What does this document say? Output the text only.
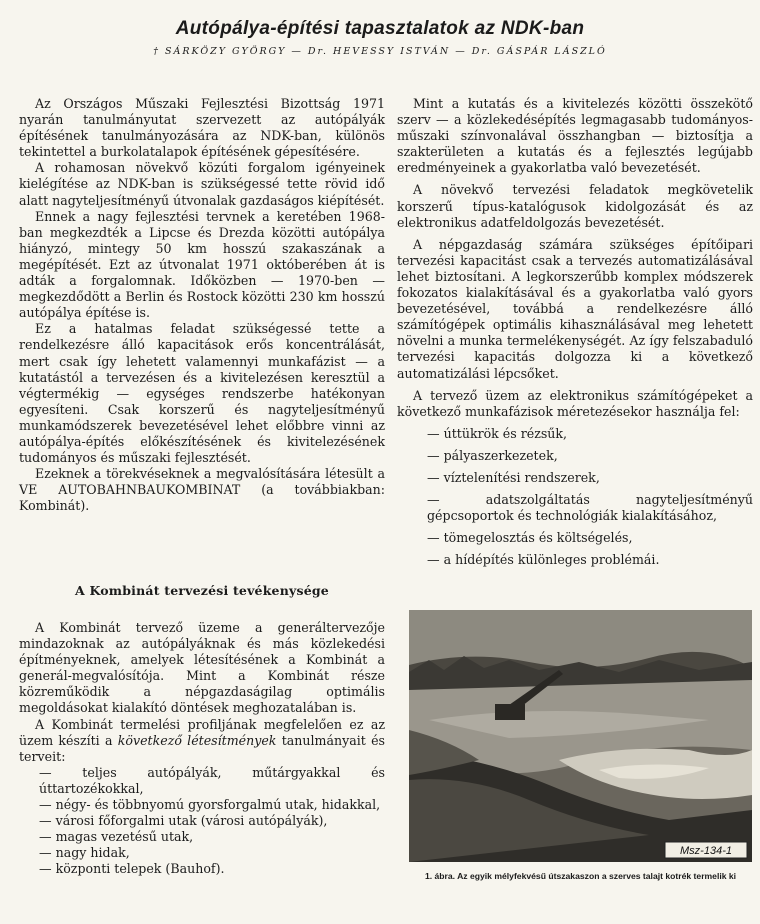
Autópálya-építési tapasztalatok az NDK-ban
† SÁRKÖZY GYÖRGY — Dr. HEVESSY ISTVÁN — Dr. GÁSPÁR LÁSZLÓ

Az Országos Műszaki Fejlesztési Bizottság 1971 nyarán tanulmányutat szervezett az autópályák építésének tanulmányozására az NDK-ban, különös tekintettel a burkolatalapok építésének gépesítésére.

A rohamosan növekvő közúti forgalom igényeinek kielégítése az NDK-ban is szükségessé tette rövid idő alatt nagyteljesítményű útvonalak gazdaságos kiépítését.

Ennek a nagy fejlesztési tervnek a keretében 1968-ban megkezdték a Lipcse és Drezda közötti autópálya hiányzó, mintegy 50 km hosszú szakaszának a megépítését. Ezt az útvonalat 1971 októberében át is adták a forgalomnak. Időközben — 1970-ben — megkezdődött a Berlin és Rostock közötti 230 km hosszú autópálya építése is.

Ez a hatalmas feladat szükségessé tette a rendelkezésre álló kapacitások erős koncentrálását, mert csak így lehetett valamennyi munkafázist — a kutatástól a tervezésen és a kivitelezésen keresztül a végtermékig — egységes rendszerbe hatékonyan egyesíteni. Csak korszerű és nagyteljesítményű munkamódszerek bevezetésével lehet előbbre vinni az autópálya-építés előkészítésének és kivitelezésének tudományos és műszaki fejlesztését.

Ezeknek a törekvéseknek a megvalósítására létesült a VE AUTOBAHNBAUKOMBINAT (a továbbiakban: Kombinát).

A Kombinát tervezési tevékenysége

A Kombinát tervező üzeme a generáltervezője mindazoknak az autópályáknak és más közlekedési építményeknek, amelyek létesítésének a Kombinát a generál-megvalósítója. Mint a Kombinát része közreműködik a népgazdaságilag optimális megoldásokat kialakító döntések meghozatalában is.

A Kombinát termelési profiljának megfelelően ez az üzem készíti a következő létesítmények tanulmányait és terveit:

— teljes autópályák, műtárgyakkal és úttartozékokkal,
— négy- és többnyomú gyorsforgalmú utak, hidakkal,
— városi főforgalmi utak (városi autópályák),
— magas vezetésű utak,
— nagy hidak,
— központi telepek (Bauhof).

Mint a kutatás és a kivitelezés közötti összekötő szerv — a közlekedésépítés legmagasabb tudományos-műszaki színvonalával összhangban — biztosítja a szakterületen a kutatás és a fejlesztés legújabb eredményeinek a gyakorlatba való bevezetését.

A növekvő tervezési feladatok megkövetelik korszerű típus-katalógusok kidolgozását és az elektronikus adatfeldolgozás bevezetését.

A népgazdaság számára szükséges építőipari tervezési kapacitást csak a tervezés automatizálásával lehet biztosítani. A legkorszerűbb komplex módszerek fokozatos kialakításával és a gyakorlatba való gyors bevezetésével, továbbá a rendelkezésre álló számítógépek optimális kihasználásával meg lehetett növelni a munka termelékenységét. Az így felszabaduló tervezési kapacitás dolgozza ki a következő automatizálási lépcsőket.

A tervező üzem az elektronikus számítógépeket a következő munkafázisok méretezésekor használja fel:

— úttükrök és rézsűk,
— pályaszerkezetek,
— víztelenítési rendszerek,
— adatszolgáltatás nagyteljesítményű gépcsoportok és technológiák kialakításához,
— tömegelosztás és költségelés,
— a hídépítés különleges problémái.
Msz-134-1
1. ábra. Az egyik mélyfekvésű útszakaszon a szerves talajt kotrék termelik ki
